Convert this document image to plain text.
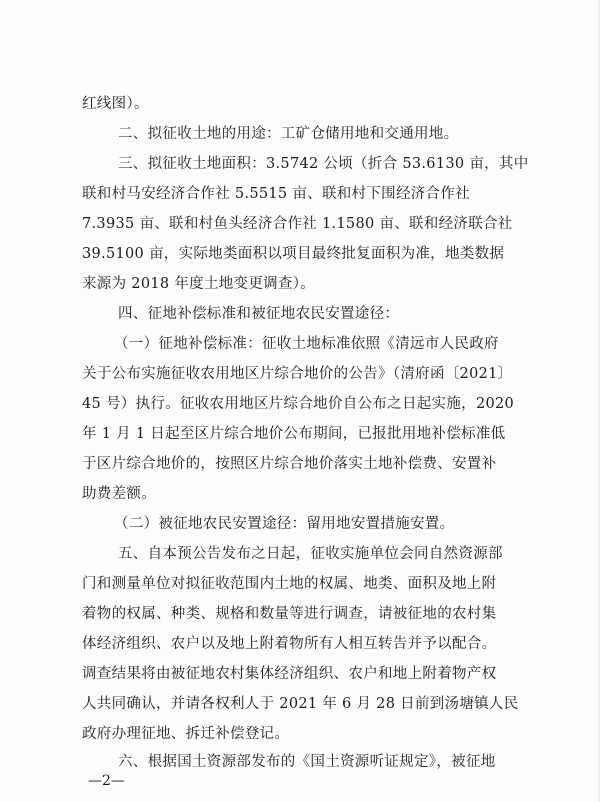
红线图）。
二、拟征收土地的用途：工矿仓储用地和交通用地。
三、拟征收土地面积：3.5742 公顷（折合 53.6130 亩，其中
联和村马安经济合作社 5.5515 亩、联和村下围经济合作社
7.3935 亩、联和村鱼头经济合作社 1.1580 亩、联和经济联合社
39.5100 亩，实际地类面积以项目最终批复面积为准，地类数据
来源为 2018 年度土地变更调查）。
四、征地补偿标准和被征地农民安置途径：
（一）征地补偿标准：征收土地标准依照《清远市人民政府
关于公布实施征收农用地区片综合地价的公告》（清府函〔2021〕
45 号）执行。征收农用地区片综合地价自公布之日起实施，2020
年 1 月 1 日起至区片综合地价公布期间，已报批用地补偿标准低
于区片综合地价的，按照区片综合地价落实土地补偿费、安置补
助费差额。
（二）被征地农民安置途径：留用地安置措施安置。
五、自本预公告发布之日起，征收实施单位会同自然资源部
门和测量单位对拟征收范围内土地的权属、地类、面积及地上附
着物的权属、种类、规格和数量等进行调查，请被征地的农村集
体经济组织、农户以及地上附着物所有人相互转告并予以配合。
调查结果将由被征地农村集体经济组织、农户和地上附着物产权
人共同确认，并请各权利人于 2021 年 6 月 28 日前到汤塘镇人民
政府办理征地、拆迁补偿登记。
六、根据国土资源部发布的《国土资源听证规定》，被征地
—2—
